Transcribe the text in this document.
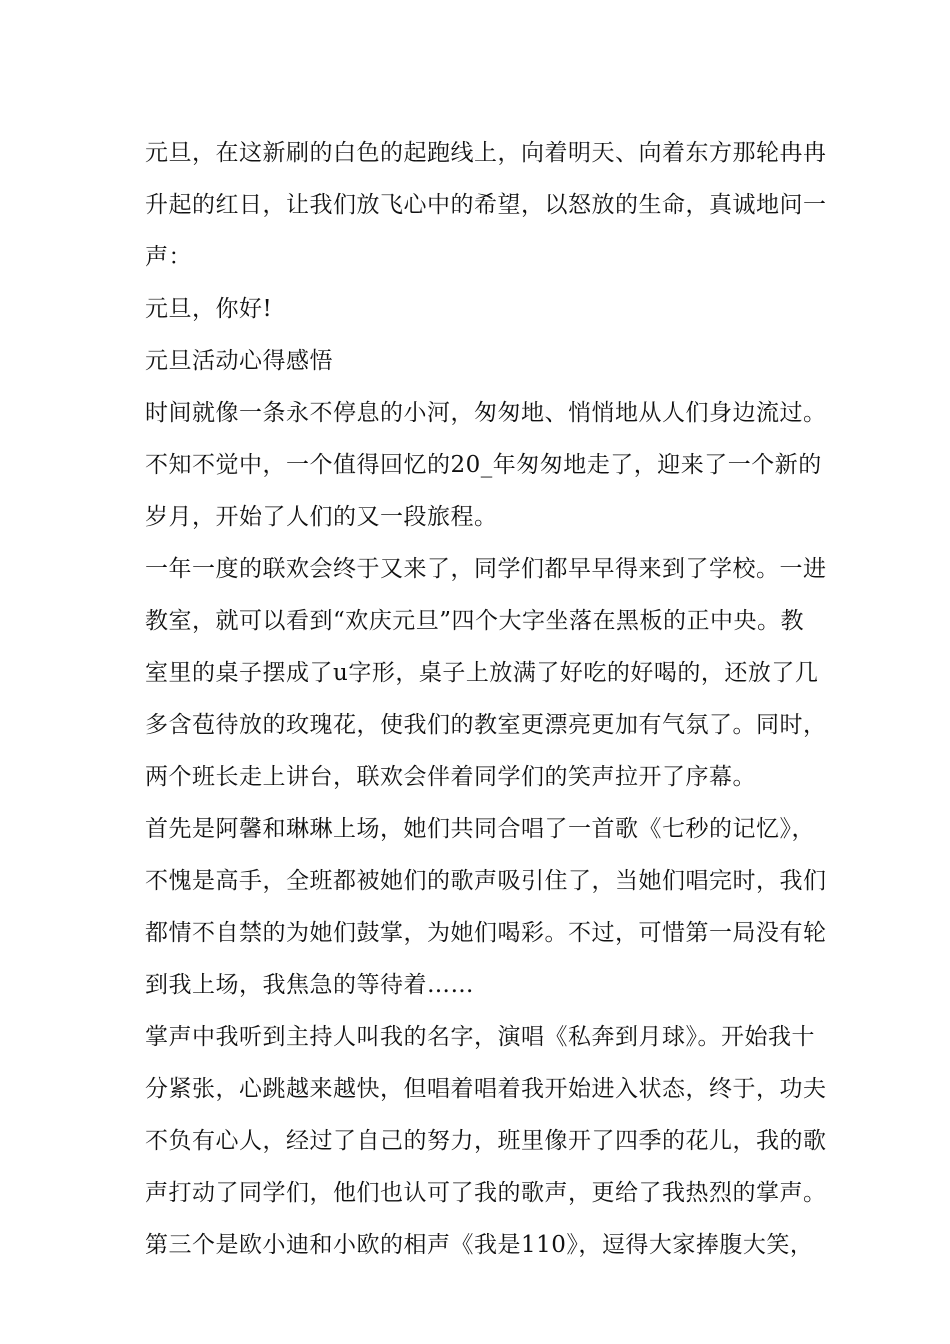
元旦，在这新刷的白色的起跑线上，向着明天、向着东方那轮冉冉
升起的红日，让我们放飞心中的希望，以怒放的生命，真诚地问一
声：

元旦，你好!

元旦活动心得感悟

时间就像一条永不停息的小河，匆匆地、悄悄地从人们身边流过。
不知不觉中，一个值得回忆的20_年匆匆地走了，迎来了一个新的
岁月，开始了人们的又一段旅程。

一年一度的联欢会终于又来了，同学们都早早得来到了学校。一进
教室，就可以看到“欢庆元旦”四个大字坐落在黑板的正中央。教
室里的桌子摆成了u字形，桌子上放满了好吃的好喝的，还放了几
多含苞待放的玫瑰花，使我们的教室更漂亮更加有气氛了。同时，
两个班长走上讲台，联欢会伴着同学们的笑声拉开了序幕。

首先是阿馨和琳琳上场，她们共同合唱了一首歌《七秒的记忆》，
不愧是高手，全班都被她们的歌声吸引住了，当她们唱完时，我们
都情不自禁的为她们鼓掌，为她们喝彩。不过，可惜第一局没有轮
到我上场，我焦急的等待着……

掌声中我听到主持人叫我的名字，演唱《私奔到月球》。开始我十
分紧张，心跳越来越快，但唱着唱着我开始进入状态，终于，功夫
不负有心人，经过了自己的努力，班里像开了四季的花儿，我的歌
声打动了同学们，他们也认可了我的歌声，更给了我热烈的掌声。

第三个是欧小迪和小欧的相声《我是110》，逗得大家捧腹大笑，
